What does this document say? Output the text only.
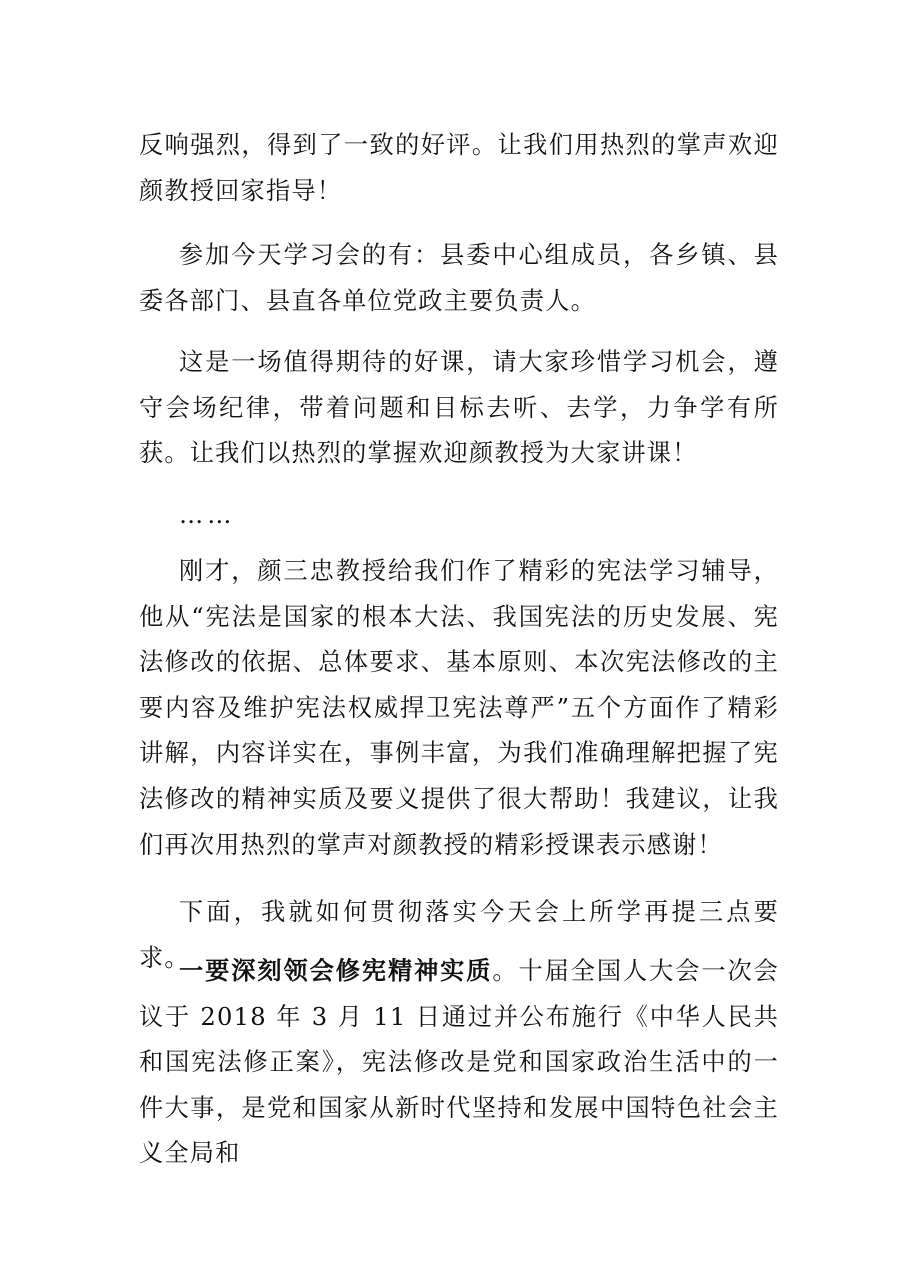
反响强烈，得到了一致的好评。让我们用热烈的掌声欢迎颜教授回家指导！

参加今天学习会的有：县委中心组成员，各乡镇、县委各部门、县直各单位党政主要负责人。

这是一场值得期待的好课，请大家珍惜学习机会，遵守会场纪律，带着问题和目标去听、去学，力争学有所获。让我们以热烈的掌握欢迎颜教授为大家讲课！

……

刚才，颜三忠教授给我们作了精彩的宪法学习辅导，他从“宪法是国家的根本大法、我国宪法的历史发展、宪法修改的依据、总体要求、基本原则、本次宪法修改的主要内容及维护宪法权威捍卫宪法尊严”五个方面作了精彩讲解，内容详实在，事例丰富，为我们准确理解把握了宪法修改的精神实质及要义提供了很大帮助！我建议，让我们再次用热烈的掌声对颜教授的精彩授课表示感谢！

下面，我就如何贯彻落实今天会上所学再提三点要求。

一要深刻领会修宪精神实质。十届全国人大会一次会议于 2018 年 3 月 11 日通过并公布施行《中华人民共和国宪法修正案》，宪法修改是党和国家政治生活中的一件大事，是党和国家从新时代坚持和发展中国特色社会主义全局和
